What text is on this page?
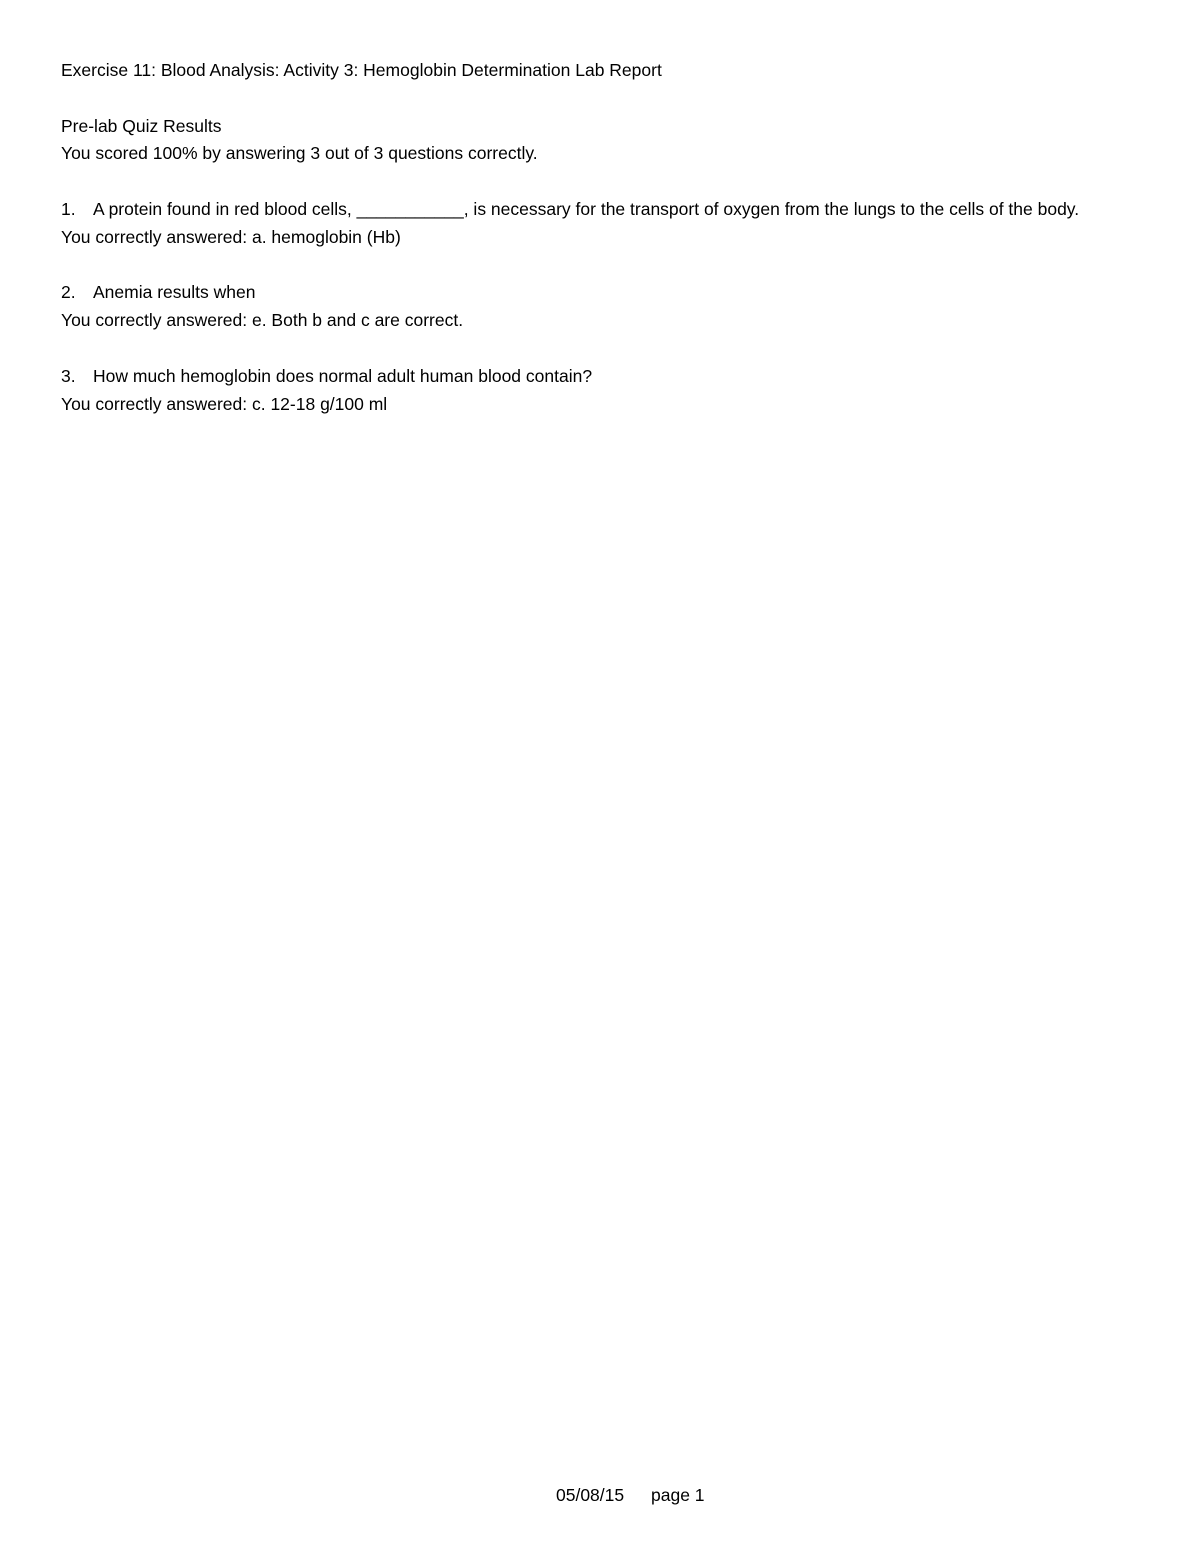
Exercise 11: Blood Analysis: Activity 3: Hemoglobin Determination Lab Report
Pre-lab Quiz Results
You scored 100% by answering 3 out of 3 questions correctly.
1. A protein found in red blood cells, ___________, is necessary for the transport of oxygen from the lungs to the cells of the body.
You correctly answered: a. hemoglobin (Hb)
2. Anemia results when
You correctly answered: e. Both b and c are correct.
3. How much hemoglobin does normal adult human blood contain?
You correctly answered: c. 12-18 g/100 ml
05/08/15 page 1
